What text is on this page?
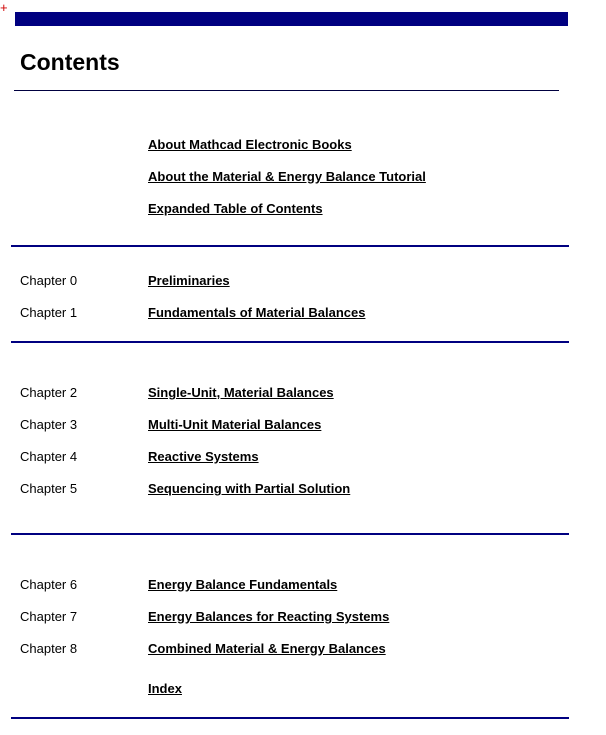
+
Contents
About Mathcad Electronic Books
About the Material & Energy Balance Tutorial
Expanded Table of Contents
Chapter 0	Preliminaries
Chapter 1	Fundamentals of Material Balances
Chapter 2	Single-Unit, Material Balances
Chapter 3	Multi-Unit Material Balances
Chapter 4	Reactive Systems
Chapter 5	Sequencing with Partial Solution
Chapter 6	Energy Balance Fundamentals
Chapter 7	Energy Balances for Reacting Systems
Chapter 8	Combined Material & Energy Balances
Index
